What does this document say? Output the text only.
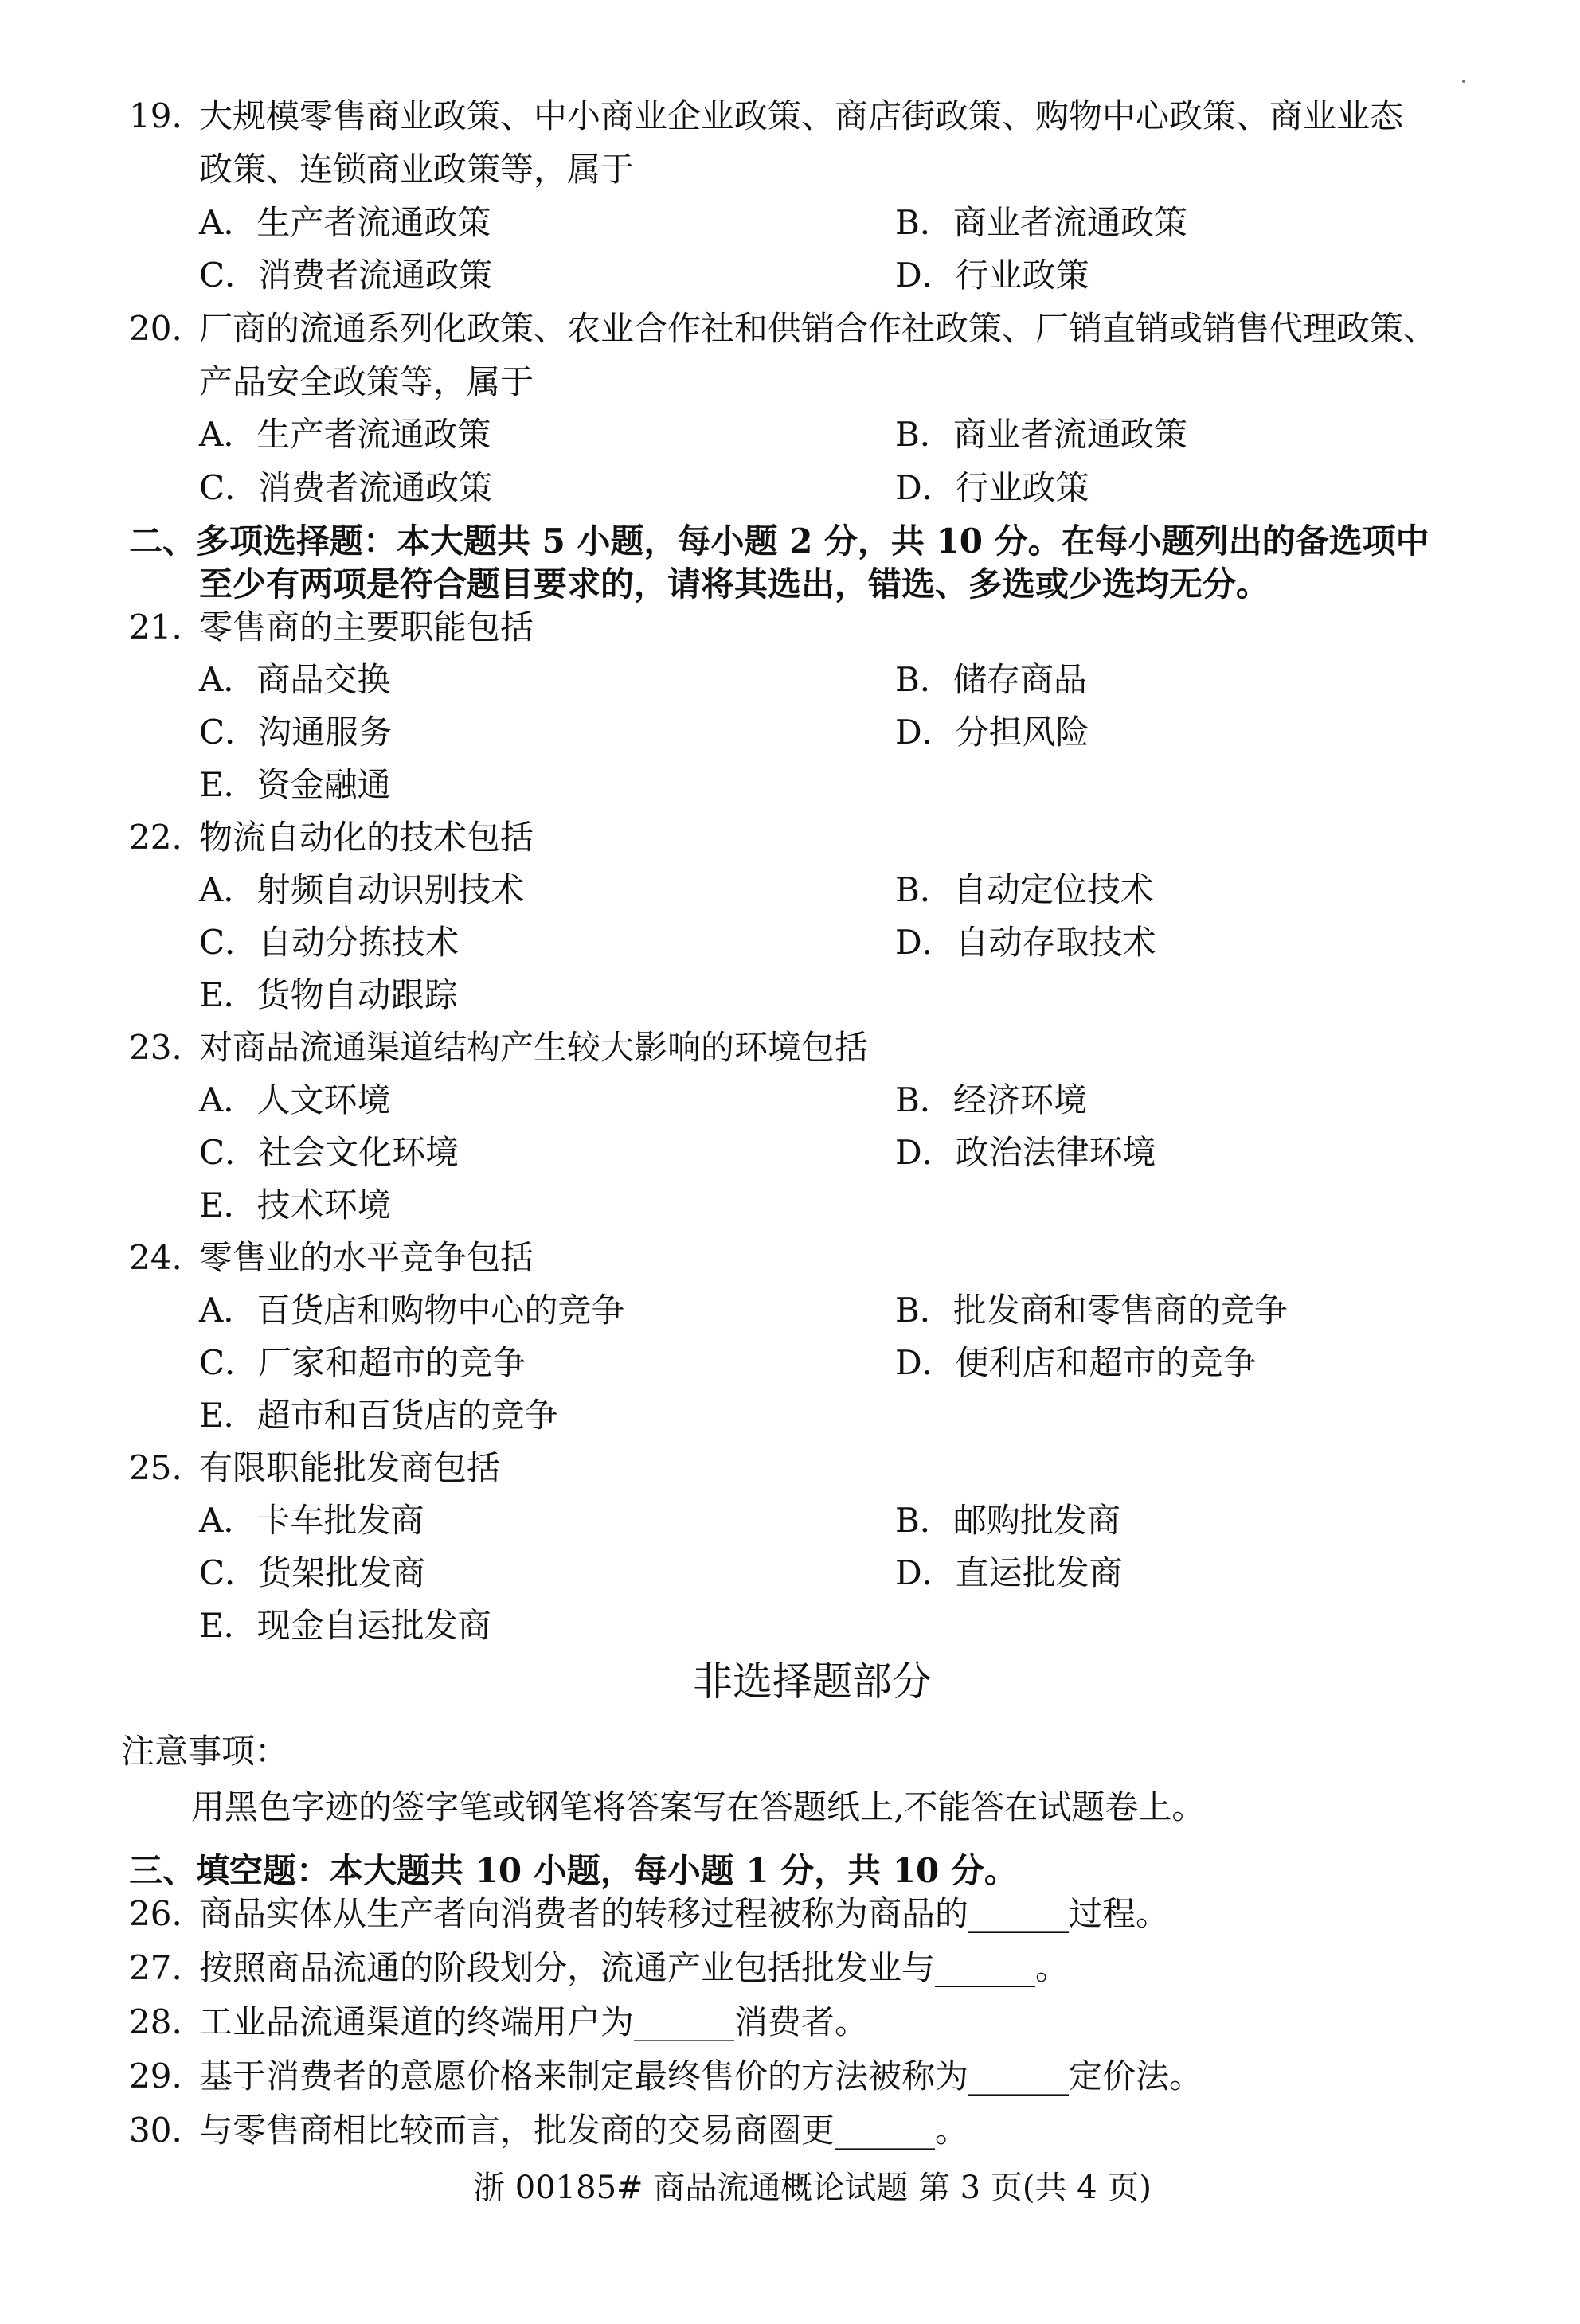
19. 大规模零售商业政策、中小商业企业政策、商店街政策、购物中心政策、商业业态
政策、连锁商业政策等，属于
A．生产者流通政策	B．商业者流通政策
C．消费者流通政策	D．行业政策
20. 厂商的流通系列化政策、农业合作社和供销合作社政策、厂销直销或销售代理政策、
产品安全政策等，属于
A．生产者流通政策	B．商业者流通政策
C．消费者流通政策	D．行业政策
二、多项选择题：本大题共 5 小题，每小题 2 分，共 10 分。在每小题列出的备选项中
至少有两项是符合题目要求的，请将其选出，错选、多选或少选均无分。
21. 零售商的主要职能包括
A．商品交换	B．储存商品
C．沟通服务	D．分担风险
E．资金融通
22. 物流自动化的技术包括
A．射频自动识别技术	B．自动定位技术
C．自动分拣技术	D．自动存取技术
E．货物自动跟踪
23. 对商品流通渠道结构产生较大影响的环境包括
A．人文环境	B．经济环境
C．社会文化环境	D．政治法律环境
E．技术环境
24. 零售业的水平竞争包括
A．百货店和购物中心的竞争	B．批发商和零售商的竞争
C．厂家和超市的竞争	D．便利店和超市的竞争
E．超市和百货店的竞争
25. 有限职能批发商包括
A．卡车批发商	B．邮购批发商
C．货架批发商	D．直运批发商
E．现金自运批发商
非选择题部分
注意事项：
用黑色字迹的签字笔或钢笔将答案写在答题纸上,不能答在试题卷上。
三、填空题：本大题共 10 小题，每小题 1 分，共 10 分。
26. 商品实体从生产者向消费者的转移过程被称为商品的______过程。
27. 按照商品流通的阶段划分，流通产业包括批发业与______。
28. 工业品流通渠道的终端用户为______消费者。
29. 基于消费者的意愿价格来制定最终售价的方法被称为______定价法。
30. 与零售商相比较而言，批发商的交易商圈更______。
浙 00185# 商品流通概论试题 第 3 页(共 4 页)
